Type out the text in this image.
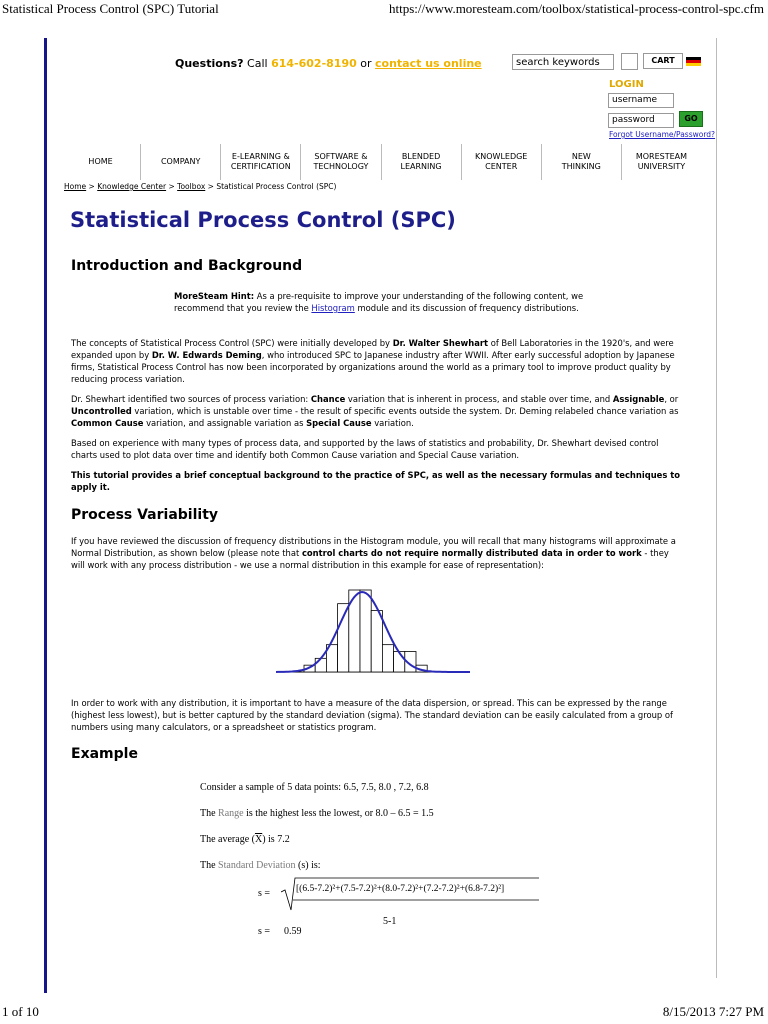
Statistical Process Control (SPC) Tutorial	https://www.moresteam.com/toolbox/statistical-process-control-spc.cfm
Questions? Call 614-602-8190 or contact us online	search keywords	CART
LOGIN
username
password	GO
Forgot Username/Password?
HOME	COMPANY
E-LEARNING &
CERTIFICATION
SOFTWARE &
TECHNOLOGY
BLENDED
LEARNING
KNOWLEDGE
CENTER
NEW
THINKING
MORESTEAM
UNIVERSITY
Home > Knowledge Center > Toolbox > Statistical Process Control (SPC)
Statistical Process Control (SPC)
Introduction and Background
MoreSteam Hint: As a pre-requisite to improve your understanding of the following content, we recommend that you review the Histogram module and its discussion of frequency distributions.
The concepts of Statistical Process Control (SPC) were initially developed by Dr. Walter Shewhart of Bell Laboratories in the 1920's, and were expanded upon by Dr. W. Edwards Deming, who introduced SPC to Japanese industry after WWII. After early successful adoption by Japanese firms, Statistical Process Control has now been incorporated by organizations around the world as a primary tool to improve product quality by reducing process variation.
Dr. Shewhart identified two sources of process variation: Chance variation that is inherent in process, and stable over time, and Assignable, or Uncontrolled variation, which is unstable over time - the result of specific events outside the system. Dr. Deming relabeled chance variation as Common Cause variation, and assignable variation as Special Cause variation.
Based on experience with many types of process data, and supported by the laws of statistics and probability, Dr. Shewhart devised control charts used to plot data over time and identify both Common Cause variation and Special Cause variation.
This tutorial provides a brief conceptual background to the practice of SPC, as well as the necessary formulas and techniques to apply it.
Process Variability
If you have reviewed the discussion of frequency distributions in the Histogram module, you will recall that many histograms will approximate a Normal Distribution, as shown below (please note that control charts do not require normally distributed data in order to work - they will work with any process distribution - we use a normal distribution in this example for ease of representation):
In order to work with any distribution, it is important to have a measure of the data dispersion, or spread. This can be expressed by the range (highest less lowest), but is better captured by the standard deviation (sigma). The standard deviation can be easily calculated from a group of numbers using many calculators, or a spreadsheet or statistics program.
Example
Consider a sample of 5 data points: 6.5, 7.5, 8.0 , 7.2, 6.8
The Range is the highest less the lowest, or 8.0 – 6.5 = 1.5
The average $(\overline{X})$ is 7.2
The Standard Deviation (s) is:
s =	[(6.5-7.2)²+(7.5-7.2)²+(8.0-7.2)²+(7.2-7.2)²+(6.8-7.2)²]
5-1
s = 0.59
1 of 10	8/15/2013 7:27 PM
